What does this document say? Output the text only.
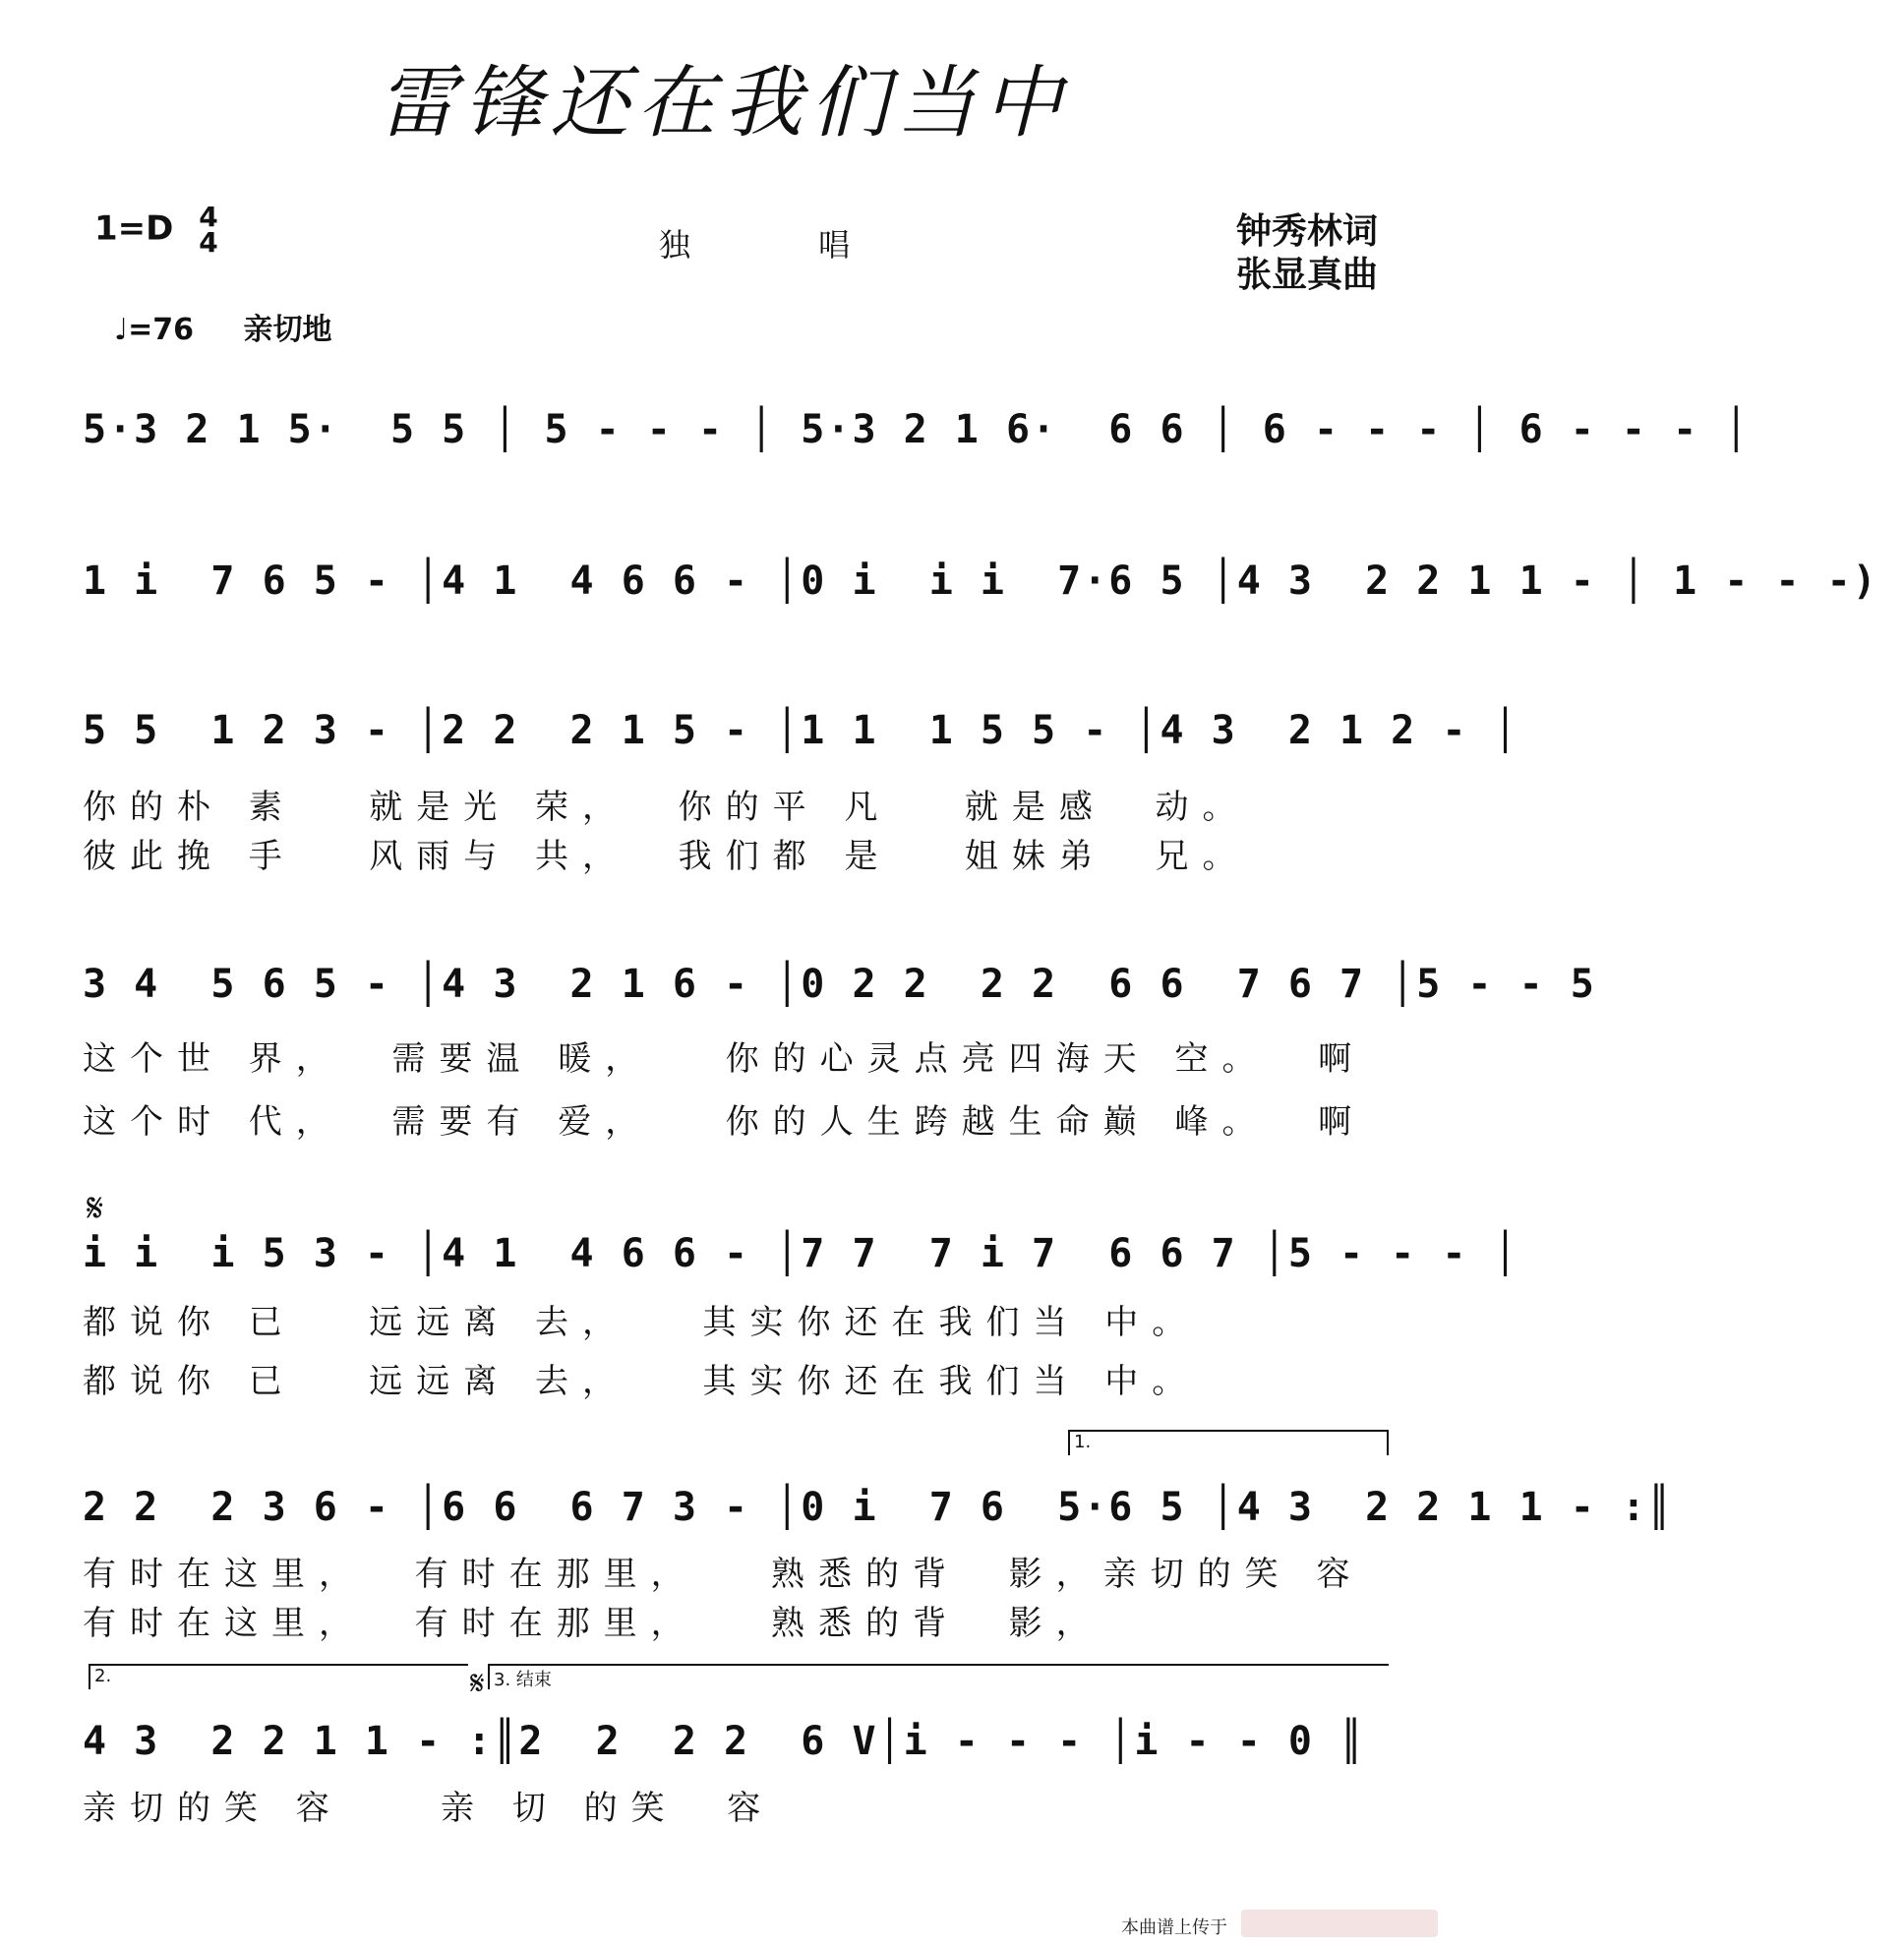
雷锋还在我们当中
1=D 4
4	独 唱	钟秀林词
张显真曲
♩=76 亲切地
5·3 2 1 5·  5 5 │ 5 - - - │ 5·3 2 1 6·  6 6 │ 6 - - - │ 6 - - - │
1 i  7 6 5 - │4 1  4 6 6 - │0 i  i i  7·6 5 │4 3  2 2 1 1 - │ 1 - - -)
5 5  1 2 3 - │2 2  2 1 5 - │1 1  1 5 5 - │4 3  2 1 2 - │
你的朴 素   就是光 荣，  你的平 凡   就是感  动。
彼此挽 手   风雨与 共，  我们都 是   姐妹弟  兄。
3 4  5 6 5 - │4 3  2 1 6 - │0 2 2  2 2  6 6  7 6 7 │5 - - 5
这个世 界，  需要温 暖，   你的心灵点亮四海天 空。  啊
这个时 代，  需要有 爱，   你的人生跨越生命巅 峰。  啊
𝄋
i i  i 5 3 - │4 1  4 6 6 - │7 7  7 i 7  6 6 7 │5 - - - │
都说你 已   远远离 去，   其实你还在我们当 中。
都说你 已   远远离 去，   其实你还在我们当 中。
1.
2 2  2 3 6 - │6 6  6 7 3 - │0 i  7 6  5·6 5 │4 3  2 2 1 1 - :║
有时在这里，  有时在那里，   熟悉的背  影，亲切的笑 容
有时在这里，  有时在那里，   熟悉的背  影，
2.	3. 结束
𝄋
4 3  2 2 1 1 - :║2  2  2 2  6 V│i - - - │i - - 0 ║
亲切的笑 容    亲 切 的笑  容
本曲谱上传于
